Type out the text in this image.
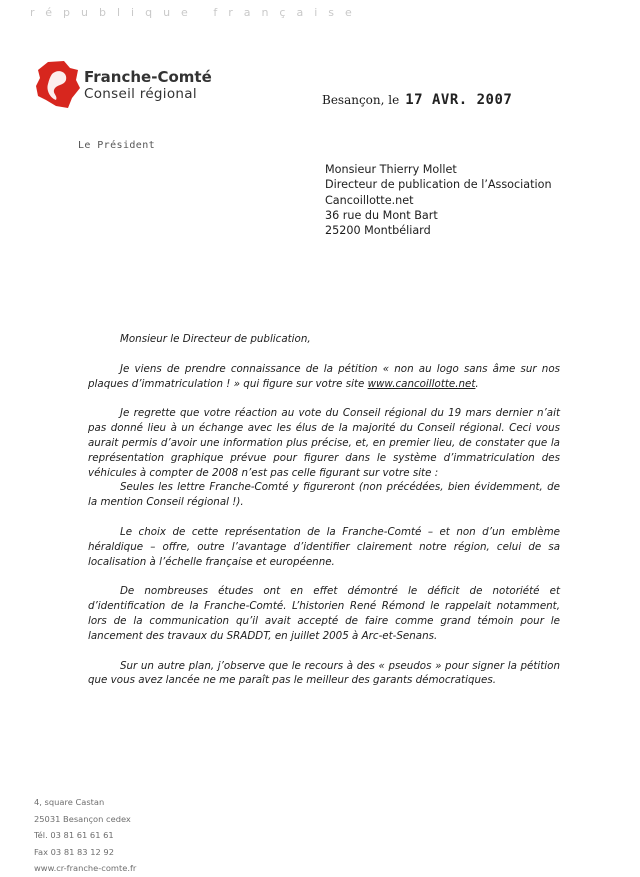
république française
Franche-Comté
Conseil régional	Besançon, le 17 AVR. 2007
Le Président
Monsieur Thierry Mollet
Directeur de publication de l’Association
Cancoillotte.net
36 rue du Mont Bart
25200 Montbéliard

Monsieur le Directeur de publication,

Je viens de prendre connaissance de la pétition « non au logo sans âme sur nos plaques d’immatriculation ! » qui figure sur votre site www.cancoillotte.net.

Je regrette que votre réaction au vote du Conseil régional du 19 mars dernier n’ait pas donné lieu à un échange avec les élus de la majorité du Conseil régional. Ceci vous aurait permis d’avoir une information plus précise, et, en premier lieu, de constater que la représentation graphique prévue pour figurer dans le système d’immatriculation des véhicules à compter de 2008 n’est pas celle figurant sur votre site :

Seules les lettre Franche-Comté y figureront (non précédées, bien évidemment, de la mention Conseil régional !).

Le choix de cette représentation de la Franche-Comté – et non d’un emblème héraldique – offre, outre l’avantage d’identifier clairement notre région, celui de sa localisation à l’échelle française et européenne.

De nombreuses études ont en effet démontré le déficit de notoriété et d’identification de la Franche-Comté. L’historien René Rémond le rappelait notamment, lors de la communication qu’il avait accepté de faire comme grand témoin pour le lancement des travaux du SRADDT, en juillet 2005 à Arc-et-Senans.

Sur un autre plan, j’observe que le recours à des « pseudos » pour signer la pétition que vous avez lancée ne me paraît pas le meilleur des garants démocratiques.

4, square Castan
25031 Besançon cedex
Tél. 03 81 61 61 61
Fax 03 81 83 12 92
www.cr-franche-comte.fr
